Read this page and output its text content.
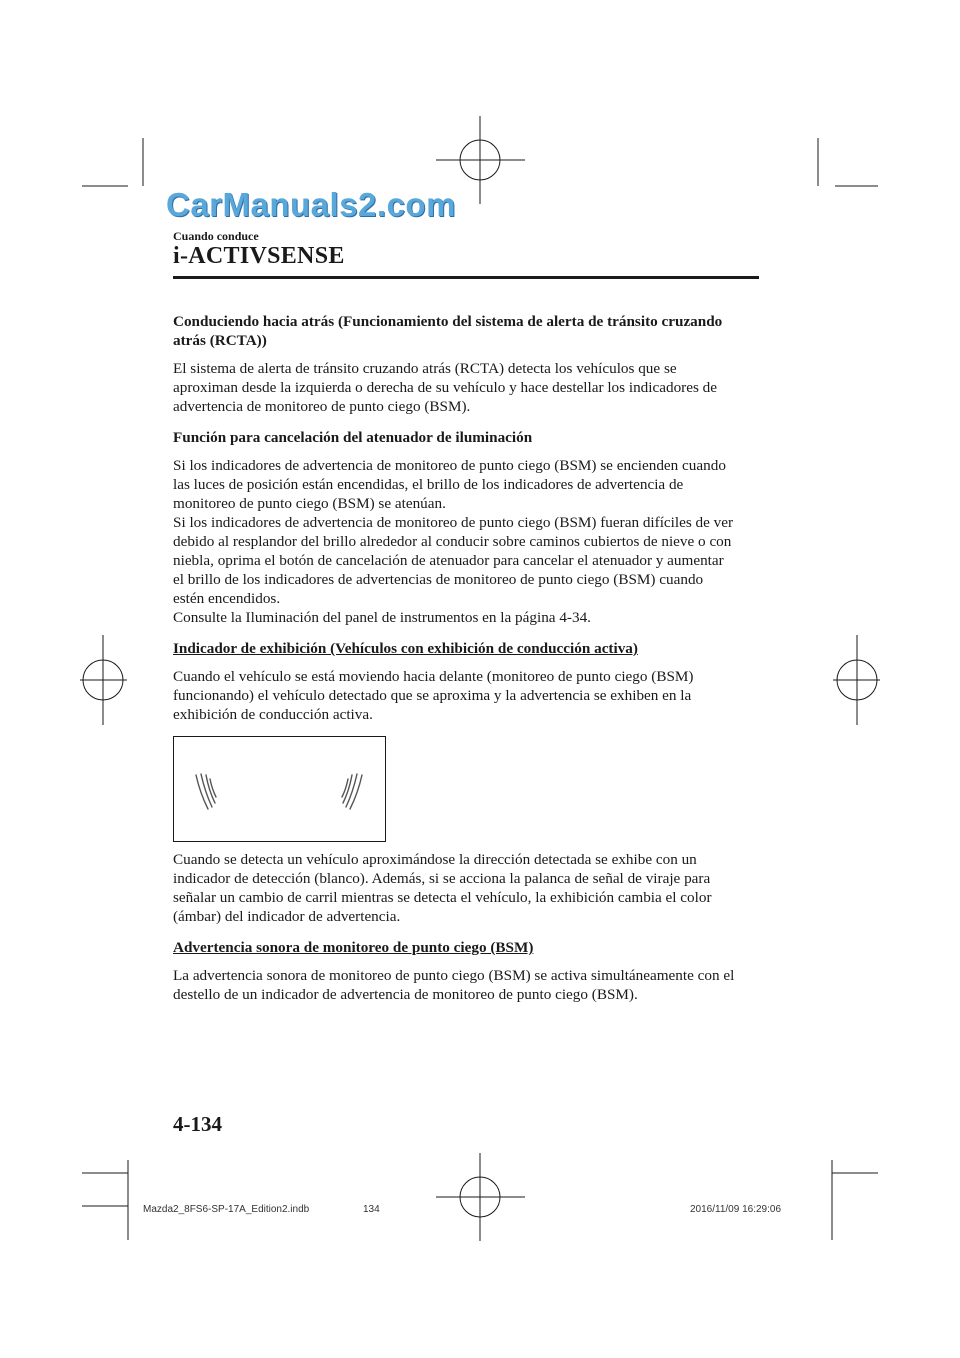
CarManuals2.com
Cuando conduce
i-ACTIVSENSE
Conduciendo hacia atrás (Funcionamiento del sistema de alerta de tránsito cruzando
atrás (RCTA))

El sistema de alerta de tránsito cruzando atrás (RCTA) detecta los vehículos que se
aproximan desde la izquierda o derecha de su vehículo y hace destellar los indicadores de
advertencia de monitoreo de punto ciego (BSM).

Función para cancelación del atenuador de iluminación

Si los indicadores de advertencia de monitoreo de punto ciego (BSM) se encienden cuando
las luces de posición están encendidas, el brillo de los indicadores de advertencia de
monitoreo de punto ciego (BSM) se atenúan.
Si los indicadores de advertencia de monitoreo de punto ciego (BSM) fueran difíciles de ver
debido al resplandor del brillo alrededor al conducir sobre caminos cubiertos de nieve o con
niebla, oprima el botón de cancelación de atenuador para cancelar el atenuador y aumentar
el brillo de los indicadores de advertencias de monitoreo de punto ciego (BSM) cuando
estén encendidos.
Consulte la Iluminación del panel de instrumentos en la página 4-34.

Indicador de exhibición (Vehículos con exhibición de conducción activa)

Cuando el vehículo se está moviendo hacia delante (monitoreo de punto ciego (BSM)
funcionando) el vehículo detectado que se aproxima y la advertencia se exhiben en la
exhibición de conducción activa.

Cuando se detecta un vehículo aproximándose la dirección detectada se exhibe con un
indicador de detección (blanco). Además, si se acciona la palanca de señal de viraje para
señalar un cambio de carril mientras se detecta el vehículo, la exhibición cambia el color
(ámbar) del indicador de advertencia.

Advertencia sonora de monitoreo de punto ciego (BSM)

La advertencia sonora de monitoreo de punto ciego (BSM) se activa simultáneamente con el
destello de un indicador de advertencia de monitoreo de punto ciego (BSM).

4-134
Mazda2_8FS6-SP-17A_Edition2.indb	134	2016/11/09 16:29:06
